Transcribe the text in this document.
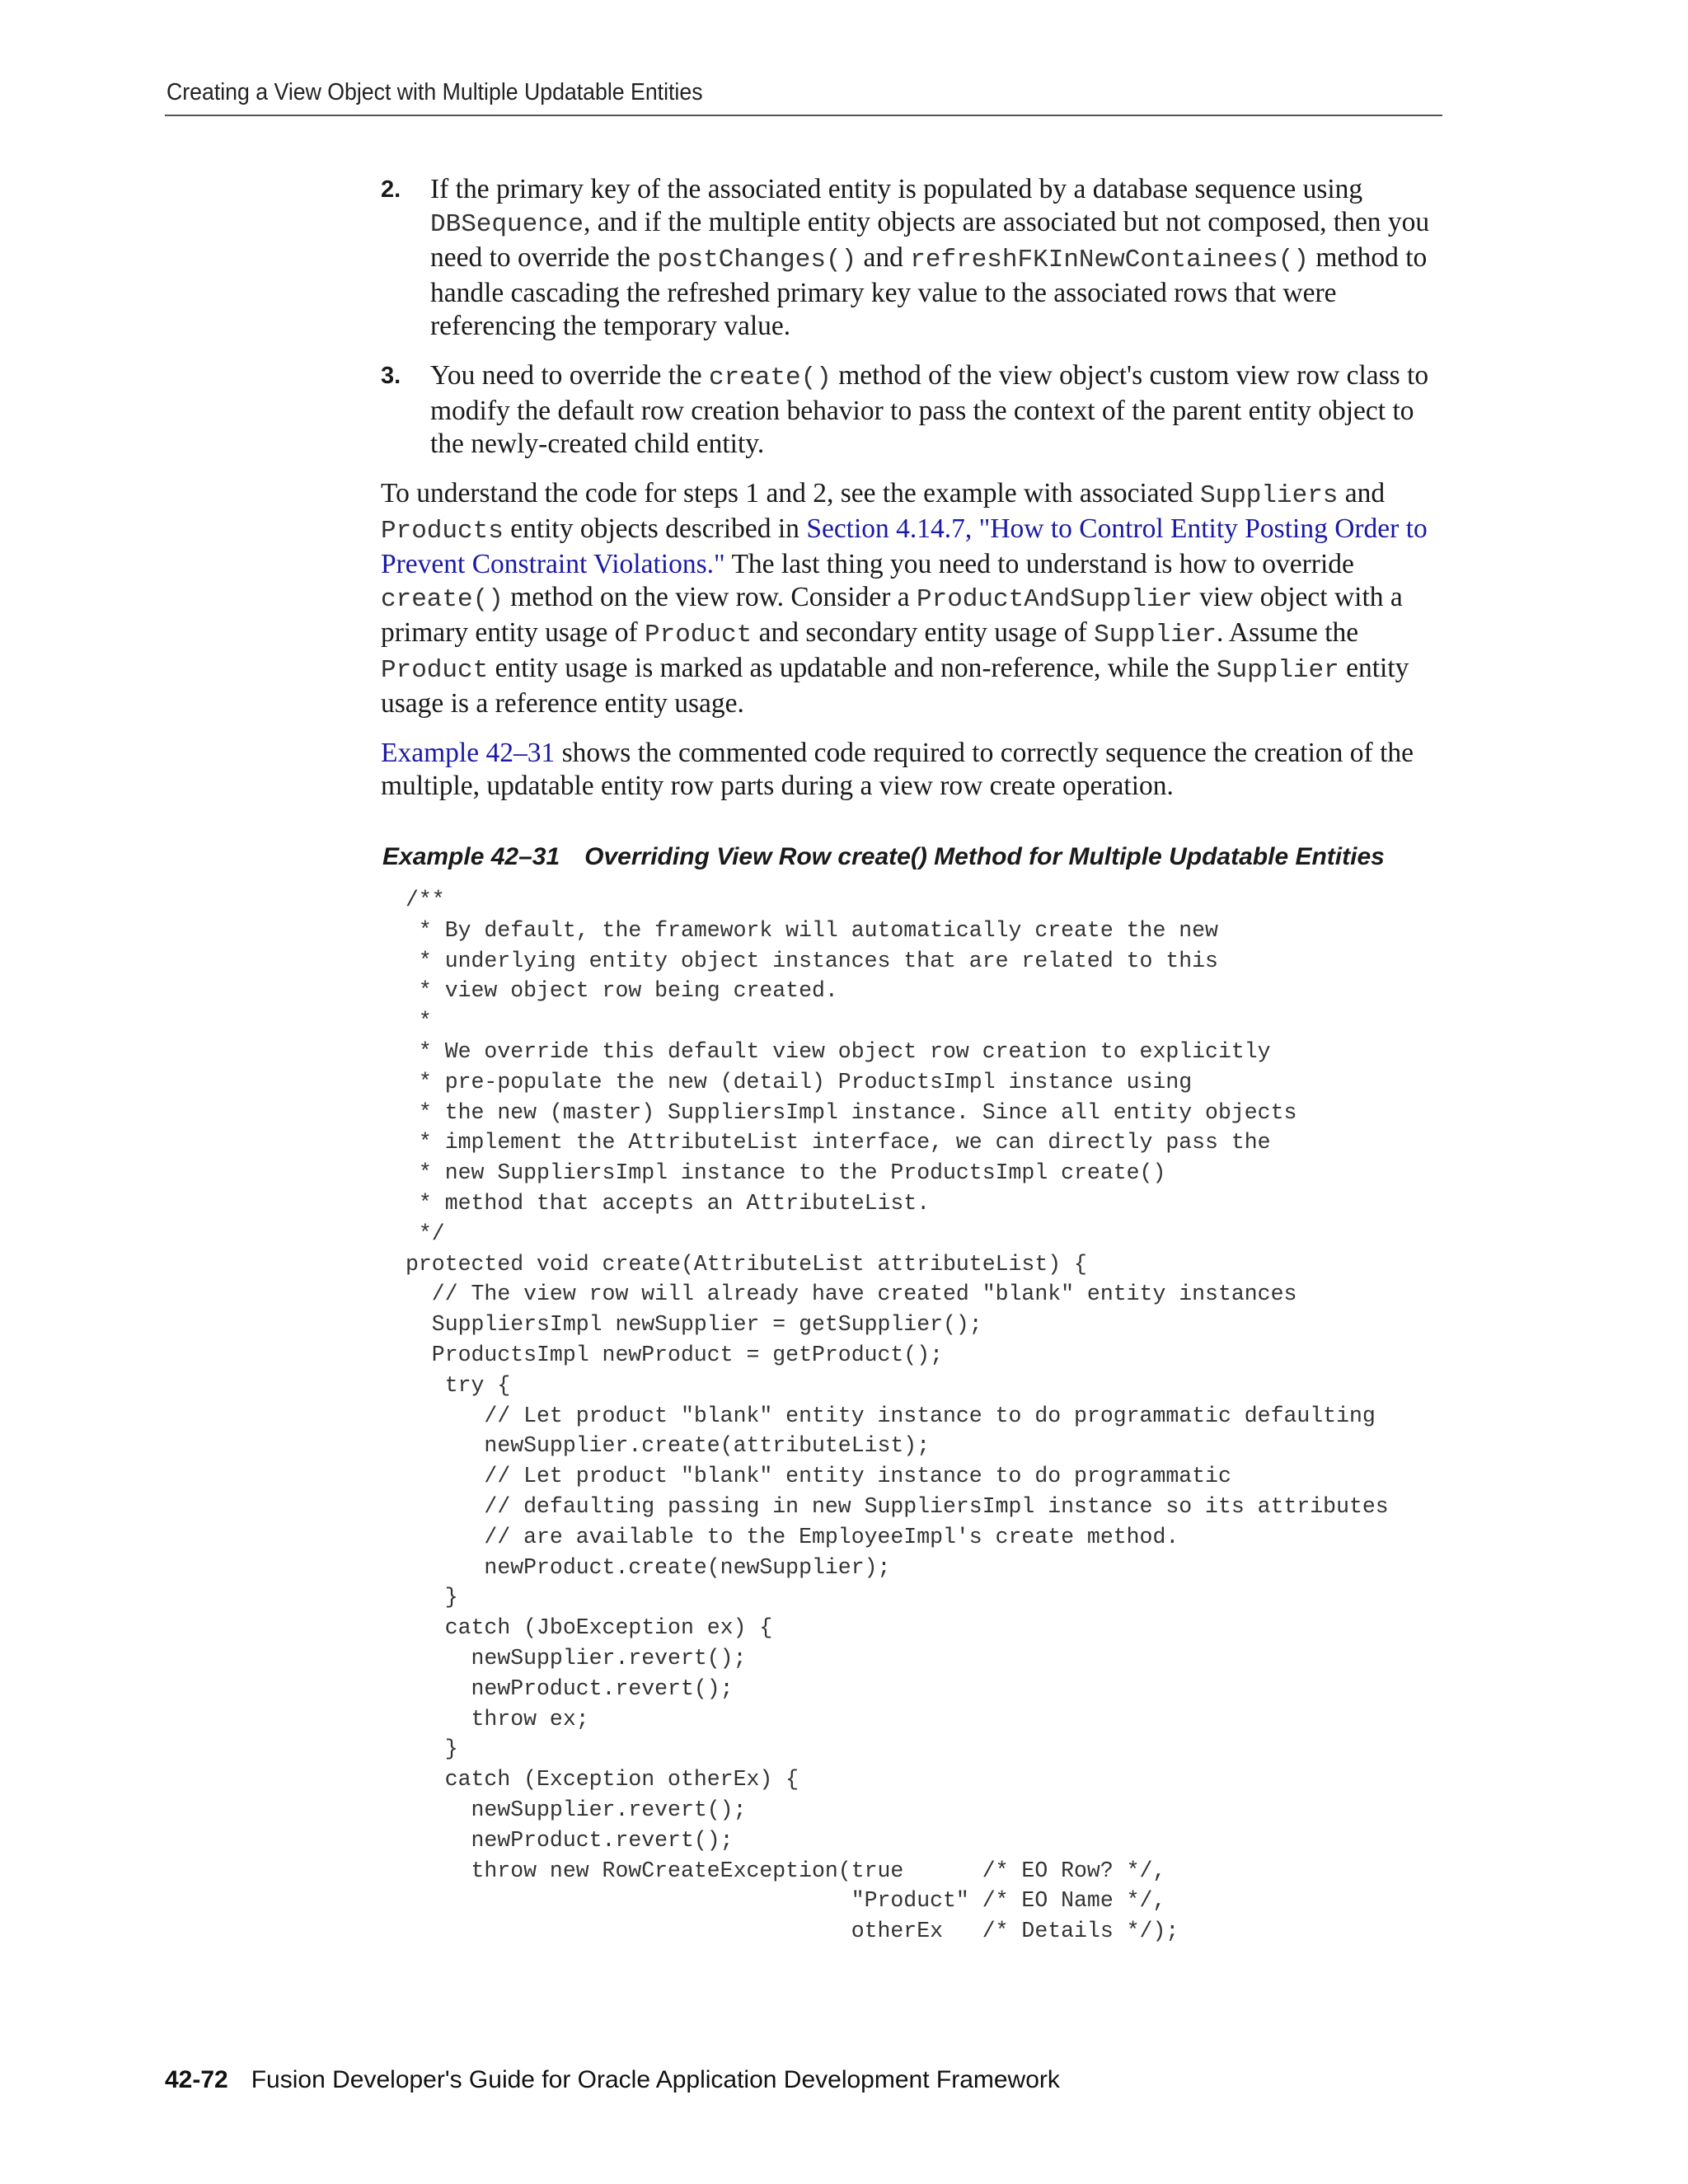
Creating a View Object with Multiple Updatable Entities
2. If the primary key of the associated entity is populated by a database sequence using DBSequence, and if the multiple entity objects are associated but not composed, then you need to override the postChanges() and refreshFKInNewContainees() method to handle cascading the refreshed primary key value to the associated rows that were referencing the temporary value.
3. You need to override the create() method of the view object's custom view row class to modify the default row creation behavior to pass the context of the parent entity object to the newly-created child entity.

To understand the code for steps 1 and 2, see the example with associated Suppliers and Products entity objects described in Section 4.14.7, "How to Control Entity Posting Order to Prevent Constraint Violations." The last thing you need to understand is how to override create() method on the view row. Consider a ProductAndSupplier view object with a primary entity usage of Product and secondary entity usage of Supplier. Assume the Product entity usage is marked as updatable and non-reference, while the Supplier entity usage is a reference entity usage.

Example 42–31 shows the commented code required to correctly sequence the creation of the multiple, updatable entity row parts during a view row create operation.

Example 42–31 Overriding View Row create() Method for Multiple Updatable Entities
/**
* By default, the framework will automatically create the new
* underlying entity object instances that are related to this
* view object row being created.
*
* We override this default view object row creation to explicitly
* pre-populate the new (detail) ProductsImpl instance using
* the new (master) SuppliersImpl instance. Since all entity objects
* implement the AttributeList interface, we can directly pass the
* new SuppliersImpl instance to the ProductsImpl create()
* method that accepts an AttributeList.
*/
protected void create(AttributeList attributeList) {
// The view row will already have created "blank" entity instances
SuppliersImpl newSupplier = getSupplier();
ProductsImpl newProduct = getProduct();
try {
// Let product "blank" entity instance to do programmatic defaulting
newSupplier.create(attributeList);
// Let product "blank" entity instance to do programmatic
// defaulting passing in new SuppliersImpl instance so its attributes
// are available to the EmployeeImpl's create method.
newProduct.create(newSupplier);
}
catch (JboException ex) {
newSupplier.revert();
newProduct.revert();
throw ex;
}
catch (Exception otherEx) {
newSupplier.revert();
newProduct.revert();
throw new RowCreateException(true      /* EO Row? */,
"Product" /* EO Name */,
otherEx   /* Details */);

42-72 Fusion Developer's Guide for Oracle Application Development Framework
